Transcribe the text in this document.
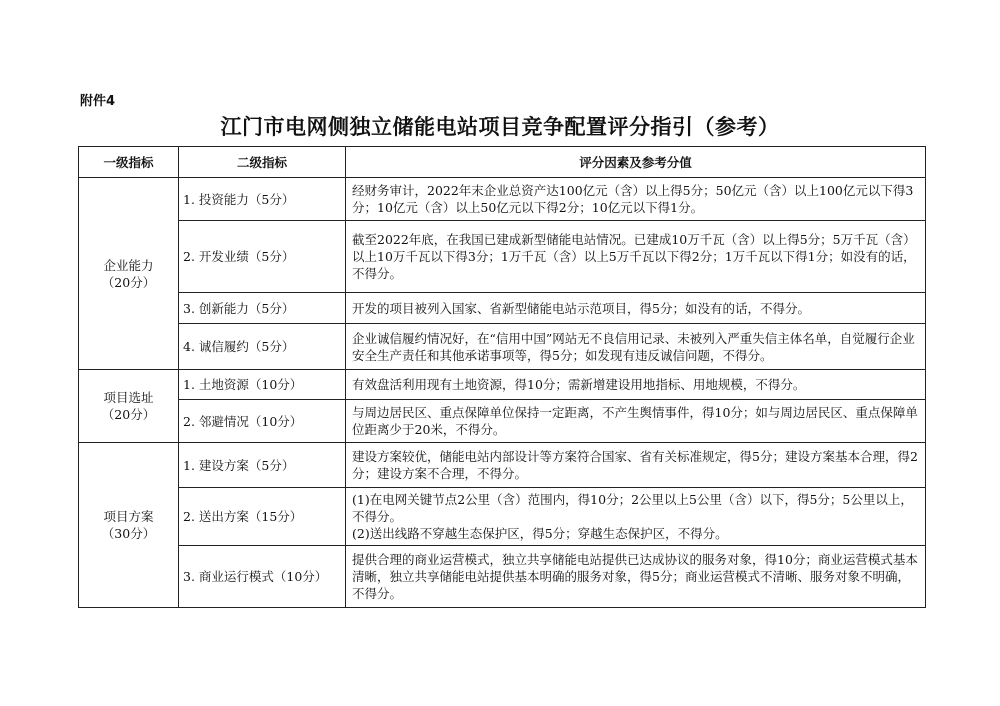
附件4
江门市电网侧独立储能电站项目竞争配置评分指引（参考）
一级指标	二级指标	评分因素及参考分值

企业能力
（20分）	1. 投资能力（5分）	经财务审计，2022年末企业总资产达100亿元（含）以上得5分；50亿元（含）以上100亿元以下得3分；10亿元（含）以上50亿元以下得2分；10亿元以下得1分。
	2. 开发业绩（5分）	截至2022年底，在我国已建成新型储能电站情况。已建成10万千瓦（含）以上得5分；5万千瓦（含）以上10万千瓦以下得3分；1万千瓦（含）以上5万千瓦以下得2分；1万千瓦以下得1分；如没有的话，不得分。
	3. 创新能力（5分）	开发的项目被列入国家、省新型储能电站示范项目，得5分；如没有的话，不得分。
	4. 诚信履约（5分）	企业诚信履约情况好，在“信用中国”网站无不良信用记录、未被列入严重失信主体名单，自觉履行企业安全生产责任和其他承诺事项等，得5分；如发现有违反诚信问题，不得分。

项目选址
（20分）	1. 土地资源（10分）	有效盘活利用现有土地资源，得10分；需新增建设用地指标、用地规模，不得分。
	2. 邻避情况（10分）	与周边居民区、重点保障单位保持一定距离，不产生舆情事件，得10分；如与周边居民区、重点保障单位距离少于20米，不得分。

项目方案
（30分）	1. 建设方案（5分）	建设方案较优，储能电站内部设计等方案符合国家、省有关标准规定，得5分；建设方案基本合理，得2分；建设方案不合理，不得分。
	2. 送出方案（15分）	(1)在电网关键节点2公里（含）范围内，得10分；2公里以上5公里（含）以下，得5分；5公里以上，不得分。
(2)送出线路不穿越生态保护区，得5分；穿越生态保护区，不得分。

	3. 商业运行模式（10分）	提供合理的商业运营模式，独立共享储能电站提供已达成协议的服务对象，得10分；商业运营模式基本清晰，独立共享储能电站提供基本明确的服务对象，得5分；商业运营模式不清晰、服务对象不明确，不得分。
